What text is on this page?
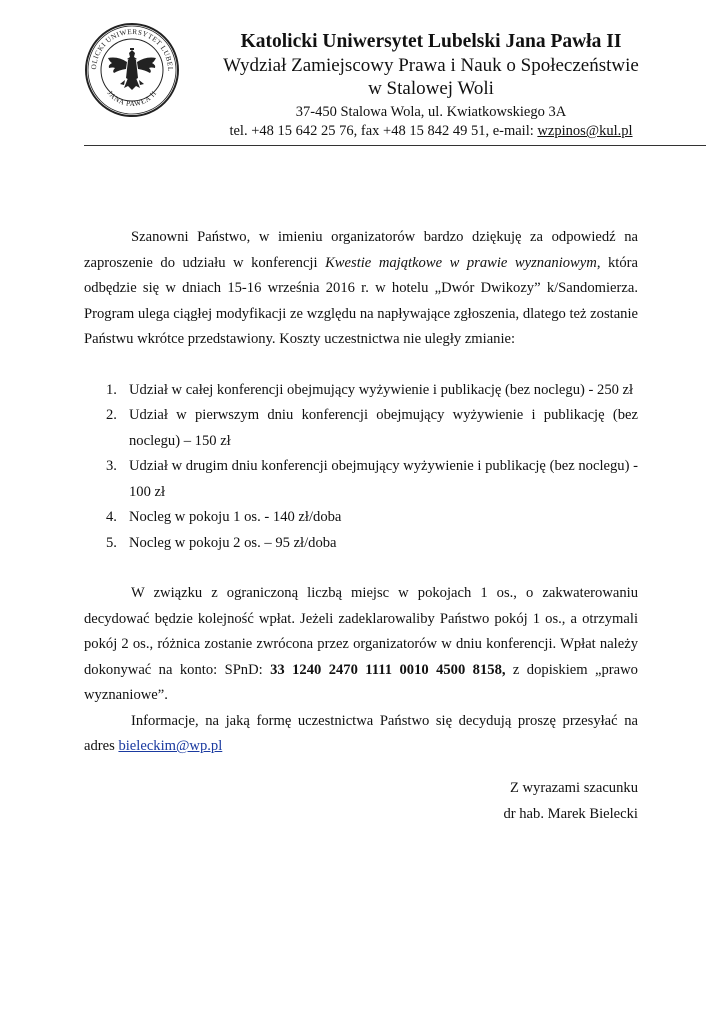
OLICKI UNIWERSYTET LUBEL
JANA PAWŁA II
Katolicki Uniwersytet Lubelski Jana Pawła II
Wydział Zamiejscowy Prawa i Nauk o Społeczeństwie
w Stalowej Woli
37-450 Stalowa Wola, ul. Kwiatkowskiego 3A
tel. +48 15 642 25 76, fax +48 15 842 49 51, e-mail: wzpinos@kul.pl

Szanowni Państwo, w imieniu organizatorów bardzo dziękuję za odpowiedź na zaproszenie do udziału w konferencji Kwestie majątkowe w prawie wyznaniowym, która odbędzie się w dniach 15-16 września 2016 r. w hotelu „Dwór Dwikozy” k/Sandomierza. Program ulega ciągłej modyfikacji ze względu na napływające zgłoszenia, dlatego też zostanie Państwu wkrótce przedstawiony. Koszty uczestnictwa nie uległy zmianie:

1. Udział w całej konferencji obejmujący wyżywienie i publikację (bez noclegu) - 250 zł
2. Udział w pierwszym dniu konferencji obejmujący wyżywienie i publikację (bez noclegu) – 150 zł
3. Udział w drugim dniu konferencji obejmujący wyżywienie i publikację (bez noclegu) - 100 zł
4. Nocleg w pokoju 1 os. - 140 zł/doba
5. Nocleg w pokoju 2 os. – 95 zł/doba

W związku z ograniczoną liczbą miejsc w pokojach 1 os., o zakwaterowaniu decydować będzie kolejność wpłat. Jeżeli zadeklarowaliby Państwo pokój 1 os., a otrzymali pokój 2 os., różnica zostanie zwrócona przez organizatorów w dniu konferencji. Wpłat należy dokonywać na konto: SPnD: 33 1240 2470 1111 0010 4500 8158, z dopiskiem „prawo wyznaniowe”.

Informacje, na jaką formę uczestnictwa Państwo się decydują proszę przesyłać na adres bieleckim@wp.pl

Z wyrazami szacunku
dr hab. Marek Bielecki
